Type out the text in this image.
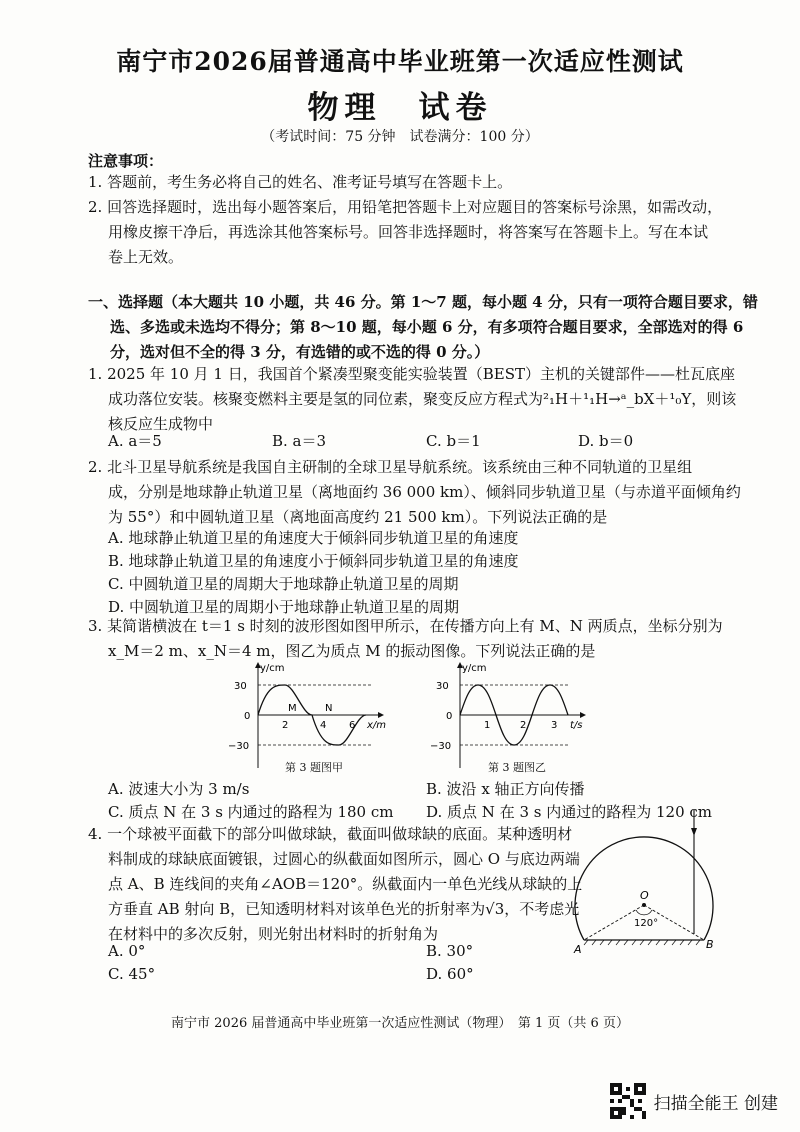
南宁市2026届普通高中毕业班第一次适应性测试
物理　试卷
（考试时间：75 分钟　试卷满分：100 分）
注意事项：
1. 答题前，考生务必将自己的姓名、准考证号填写在答题卡上。
2. 回答选择题时，选出每小题答案后，用铅笔把答题卡上对应题目的答案标号涂黑，如需改动，
用橡皮擦干净后，再选涂其他答案标号。回答非选择题时，将答案写在答题卡上。写在本试
卷上无效。
一、选择题（本大题共 10 小题，共 46 分。第 1～7 题，每小题 4 分，只有一项符合题目要求，错
选、多选或未选均不得分；第 8～10 题，每小题 6 分，有多项符合题目要求，全部选对的得 6
分，选对但不全的得 3 分，有选错的或不选的得 0 分。）
1. 2025 年 10 月 1 日，我国首个紧凑型聚变能实验装置（BEST）主机的关键部件——杜瓦底座
成功落位安装。核聚变燃料主要是氢的同位素，聚变反应方程式为²₁H＋¹₁H→ᵃ_bX＋¹₀Y，则该
核反应生成物中
A. a＝5	B. a＝3	C. b＝1	D. b＝0
2. 北斗卫星导航系统是我国自主研制的全球卫星导航系统。该系统由三种不同轨道的卫星组
成，分别是地球静止轨道卫星（离地面约 36 000 km）、倾斜同步轨道卫星（与赤道平面倾角约
为 55°）和中圆轨道卫星（离地面高度约 21 500 km）。下列说法正确的是
A. 地球静止轨道卫星的角速度大于倾斜同步轨道卫星的角速度
B. 地球静止轨道卫星的角速度小于倾斜同步轨道卫星的角速度
C. 中圆轨道卫星的周期大于地球静止轨道卫星的周期
D. 中圆轨道卫星的周期小于地球静止轨道卫星的周期
3. 某简谐横波在 t＝1 s 时刻的波形图如图甲所示，在传播方向上有 M、N 两质点，坐标分别为
x_M＝2 m、x_N＝4 m，图乙为质点 M 的振动图像。下列说法正确的是
y/cm
30
0
−30
2	4 6 x/m
M	N
第 3 题图甲
y/cm
30
0
−30
1	2 3 t/s
第 3 题图乙
A. 波速大小为 3 m/s	B. 波沿 x 轴正方向传播
C. 质点 N 在 3 s 内通过的路程为 180 cm D. 质点 N 在 3 s 内通过的路程为 120 cm
4. 一个球被平面截下的部分叫做球缺，截面叫做球缺的底面。某种透明材
料制成的球缺底面镀银，过圆心的纵截面如图所示，圆心 O 与底边两端
点 A、B 连线间的夹角∠AOB＝120°。纵截面内一单色光线从球缺的上
方垂直 AB 射向 B，已知透明材料对该单色光的折射率为√3，不考虑光
在材料中的多次反射，则光射出材料时的折射角为
A. 0°	B. 30°
C. 45°	D. 60°
O
120°
A	B
南宁市 2026 届普通高中毕业班第一次适应性测试（物理）　第 1 页（共 6 页）
扫描全能王 创建
